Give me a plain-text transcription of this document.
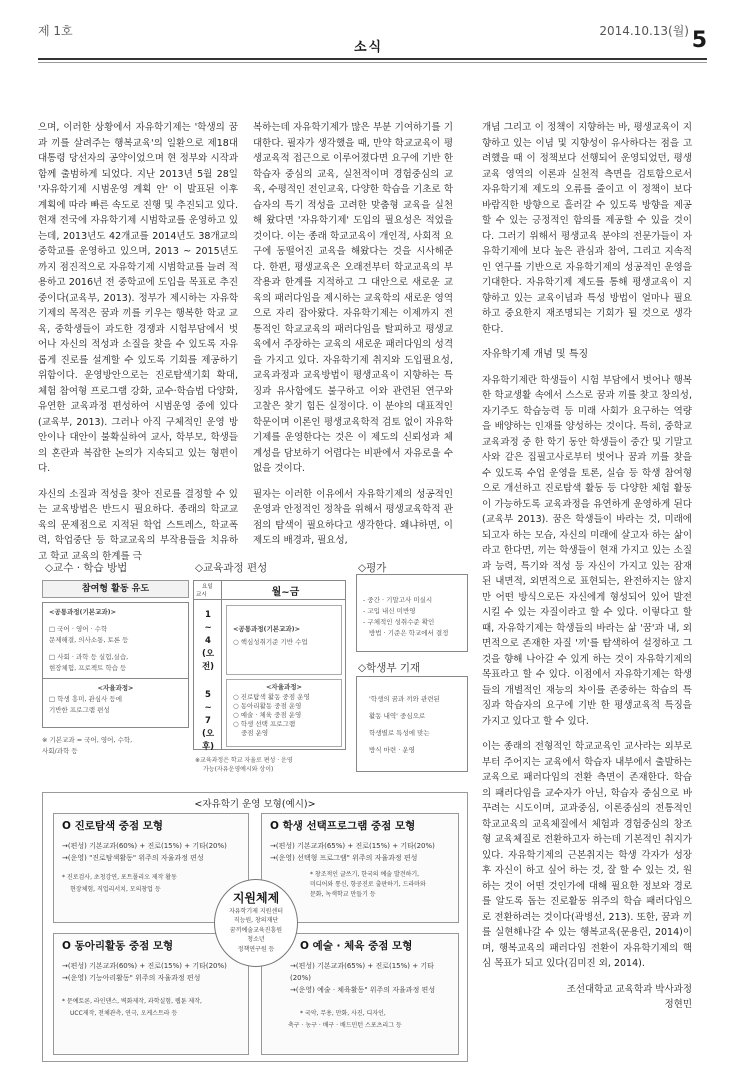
제 1호
소식
2014.10.13(월) 5

으며, 이러한 상황에서 자유학기제는 '학생의 꿈과 끼를 살려주는 행복교육'의 일환으로 제18대 대통령 당선자의 공약이었으며 현 정부와 시작과 함께 출범하게 되었다. 지난 2013년 5월 28일 '자유학기제 시범운영 계획 안' 이 발표된 이후 계획에 따라 빠른 속도로 진행 및 추진되고 있다. 현재 전국에 자유학기제 시범학교를 운영하고 있는데, 2013년도 42개교를 2014년도 38개교의 중학교를 운영하고 있으며, 2013 ~ 2015년도까지 점진적으로 자유학기제 시범학교를 늘려 적용하고 2016년 전 중학교에 도입을 목표로 추진 중이다(교육부, 2013). 정부가 제시하는 자유학기제의 목적은 꿈과 끼를 키우는 행복한 학교 교육, 중학생들이 과도한 경쟁과 시험부담에서 벗어나 자신의 적성과 소질을 찾을 수 있도록 자유롭게 진로를 설계할 수 있도록 기회를 제공하기 위함이다. 운영방안으로는 진로탐색기회 확대, 체험 참여형 프로그램 강화, 교수·학습법 다양화, 유연한 교육과정 편성하여 시범운영 중에 있다(교육부, 2013). 그러나 아직 구체적인 운영 방안이나 대안이 불확실하여 교사, 학부모, 학생들의 혼란과 복잡한 논의가 지속되고 있는 형편이다.

자신의 소질과 적성을 찾아 진로를 결정할 수 있는 교육방법은 반드시 필요하다. 종래의 학교교육의 문제점으로 지적된 학업 스트레스, 학교폭력, 학업중단 등 학교교육의 부작용들을 치유하고 학교 교육의 한계를 극

복하는데 자유학기제가 많은 부분 기여하기를 기대한다. 필자가 생각했을 때, 만약 학교교육이 평생교육적 접근으로 이루어졌다면 요구에 기반 한 학습자 중심의 교육, 실천적이며 경험중심의 교육, 수평적인 전인교육, 다양한 학습을 기초로 학습자의 특기 적성을 고려한 맞춤형 교육을 실천해 왔다면 '자유학기제' 도입의 필요성은 적었을 것이다. 이는 종래 학교교육이 개인적, 사회적 요구에 동떨어진 교육을 해왔다는 것을 시사해준다. 한편, 평생교육은 오래전부터 학교교육의 부작용과 한계를 지적하고 그 대안으로 새로운 교육의 패러다임을 제시하는 교육학의 새로운 영역으로 자리 잡아왔다. 자유학기제는 이제까지 전통적인 학교교육의 패러다임을 탈피하고 평생교육에서 주장하는 교육의 새로운 패러다임의 성격을 가지고 있다. 자유학기제 취지와 도입필요성, 교육과정과 교육방법이 평생교육이 지향하는 특징과 유사함에도 불구하고 이와 관련된 연구와 고찰은 찾기 힘든 실정이다. 이 분야의 대표적인 학문이며 이론인 평생교육학적 검토 없이 자유학기제를 운영한다는 것은 이 제도의 신뢰성과 체계성을 담보하기 어렵다는 비판에서 자유로울 수 없을 것이다.

필자는 이러한 이유에서 자유학기제의 성공적인 운영과 안정적인 정착을 위해서 평생교육학적 관점의 탐색이 필요하다고 생각한다. 왜냐하면, 이 제도의 배경과, 필요성,

개념 그리고 이 정책이 지향하는 바, 평생교육이 지향하고 있는 이념 및 지향성이 유사하다는 점을 고려했을 때 이 정책보다 선행되어 운영되었던, 평생교육 영역의 이론과 실천적 측면을 검토함으로서 자유학기제 제도의 오류를 줄이고 이 정책이 보다 바람직한 방향으로 흘러갈 수 있도록 방향을 제공할 수 있는 긍정적인 함의를 제공할 수 있을 것이다. 그러기 위해서 평생교육 분야의 전문가들이 자유학기제에 보다 높은 관심과 참여, 그리고 지속적인 연구를 기반으로 자유학기제의 성공적인 운영을 기대한다. 자유학기제 제도를 통해 평생교육이 지향하고 있는 교육이념과 특성 방법이 얼마나 필요하고 중요한지 재조명되는 기회가 될 것으로 생각한다.

자유학기제 개념 및 특징

자유학기제란 학생들이 시험 부담에서 벗어나 행복한 학교생활 속에서 스스로 꿈과 끼를 찾고 창의성, 자기주도 학습능력 등 미래 사회가 요구하는 역량을 배양하는 인재를 양성하는 것이다. 특히, 중학교 교육과정 중 한 학기 동안 학생들이 중간 및 기말고사와 같은 집필고사로부터 벗어나 꿈과 끼를 찾을 수 있도록 수업 운영을 토론, 실습 등 학생 참여형으로 개선하고 진로탐색 활동 등 다양한 체험 활동이 가능하도록 교육과정을 유연하게 운영하게 된다(교육부 2013). 꿈은 학생들이 바라는 것, 미래에 되고자 하는 모습, 자신의 미래에 살고자 하는 삶이라고 한다면, 끼는 학생들이 현재 가지고 있는 소질과 능력, 특기와 적성 등 자신이 가지고 있는 잠재된 내면적, 외면적으로 표현되는, 완전하지는 않지만 어떤 방식으로든 자신에게 형성되어 있어 발전시킬 수 있는 자질이라고 할 수 있다. 이렇다고 할 때, 자유학기제는 학생들의 바라는 삶 '꿈'과 내, 외면적으로 존재한 자질 '끼'를 탐색하여 설정하고 그 것을 향해 나아갈 수 있게 하는 것이 자유학기제의 목표라고 할 수 있다. 이점에서 자유학기제는 학생들의 개별적인 재능의 차이를 존중하는 학습의 특징과 학습자의 요구에 기반 한 평생교육적 특징을 가지고 있다고 할 수 있다.

이는 종래의 전형적인 학교교육인 교사라는 외부로부터 주어지는 교육에서 학습자 내부에서 출발하는 교육으로 패러다임의 전환 측면이 존재한다. 학습의 패러다임을 교수자가 아닌, 학습자 중심으로 바꾸려는 시도이며, 교과중심, 이론중심의 전통적인 학교교육의 교육체질에서 체험과 경험중심의 창조형 교육체질로 전환하고자 하는데 기본적인 취지가 있다. 자유학기제의 근본취지는 학생 각자가 성장 후 자신이 하고 싶어 하는 것, 잘 할 수 있는 것, 원하는 것이 어떤 것인가에 대해 필요한 정보와 경로를 알도록 돕는 진로활동 위주의 학습 패러다임으로 전환하려는 것이다(곽병선, 213). 또한, 꿈과 끼를 실현해나갈 수 있는 행복교육(문용린, 2014)이며, 행복교육의 패러다임 전환이 자유학기제의 핵심 목표가 되고 있다(김미진 외, 2014).

조선대학교 교육학과 박사과정
정현민
◇교수 · 학습 방법
참여형 활동 유도
<공통과정(기본교과)>
□ 국어 · 영어 · 수학
문제해결, 의사소통, 토론 등
□ 사회 · 과학 등 실험,실습,
현장체험, 프로젝트 학습 등
<자율과정>
□ 학생 흥미, 관심사 등에
기반한 프로그램 편성
※ 기본교과 = 국어, 영어, 수학,
사회/과학 등
◇교육과정 편성
요일
교시	월~금
1
~
4
(오전)
<공통과정(기본교과)>
○ 핵심성취기준 기반 수업
5
~
7
(오후)
<자율과정>
○ 진로탐색 활동 중점 운영
○ 동아리활동 중점 운영
○ 예술 · 체육 중점 운영
○ 학생 선택 프로그램
중점 운영
※교육과정은 학교 자율로 편성 · 운영
가능(자유운영예시와 상이)
◇평가
- 중간 · 기말고사 미실시
- 고입 내신 미반영
- 구체적인 성취수준 확인
방법 · 기준은 학교에서 결정
◇학생부 기재
'학생의 꿈과 끼와 관련된
활동 내역' 중심으로
학생별로 특성에 맞는
방식 마련 · 운영
<자유학기 운영 모형(예시)>
O 진로탐색 중점 모형
→(편성) 기본교과(60%) + 진로(15%) + 기타(20%)
→(운영) "진로탐색활동" 위주의 자율과정 편성
* 진로검사, 초청강연, 포트폴리오 제작 활동
현장체험, 직업리서치, 모의창업 등
O 학생 선택프로그램 중점 모형
→(편성) 기본교과(65%) + 진로(15%) + 기타(20%)
→(운영) 선택형 프로그램" 위주의 자율과정 편성
* 창조적인 글쓰기, 한국의 예술 발견하기,
미디어와 통신, 항공진로 출판하기, 드라마와
문화, 녹색학교 만들기 등
O 동아리활동 중점 모형
→(편성) 기본교과(60%) + 진로(15%) + 기타(20%)
→(운영) 기능아리활동" 위주의 자율과정 편성
* 문예토론, 라인댄스, 벽화제작, 과학실험, 웹툰 제작,
UCC제작, 천체관측, 연극, 오케스트라 등
O 예술 · 체육 중점 모형
→(편성) 기본교과(65%) + 진로(15%) + 기타(20%)
→(운영) 예술 · 체육활동" 위주의 자율과정 편성
* 국악, 무용, 만화, 사진, 디자인,
축구 · 농구 · 배구 · 배드민턴 스포츠리그 등
지원체제
자유학기제 지원센터
직능원, 창의재단
꿈끼예술교육진흥원
청소년
정책연구원 등
